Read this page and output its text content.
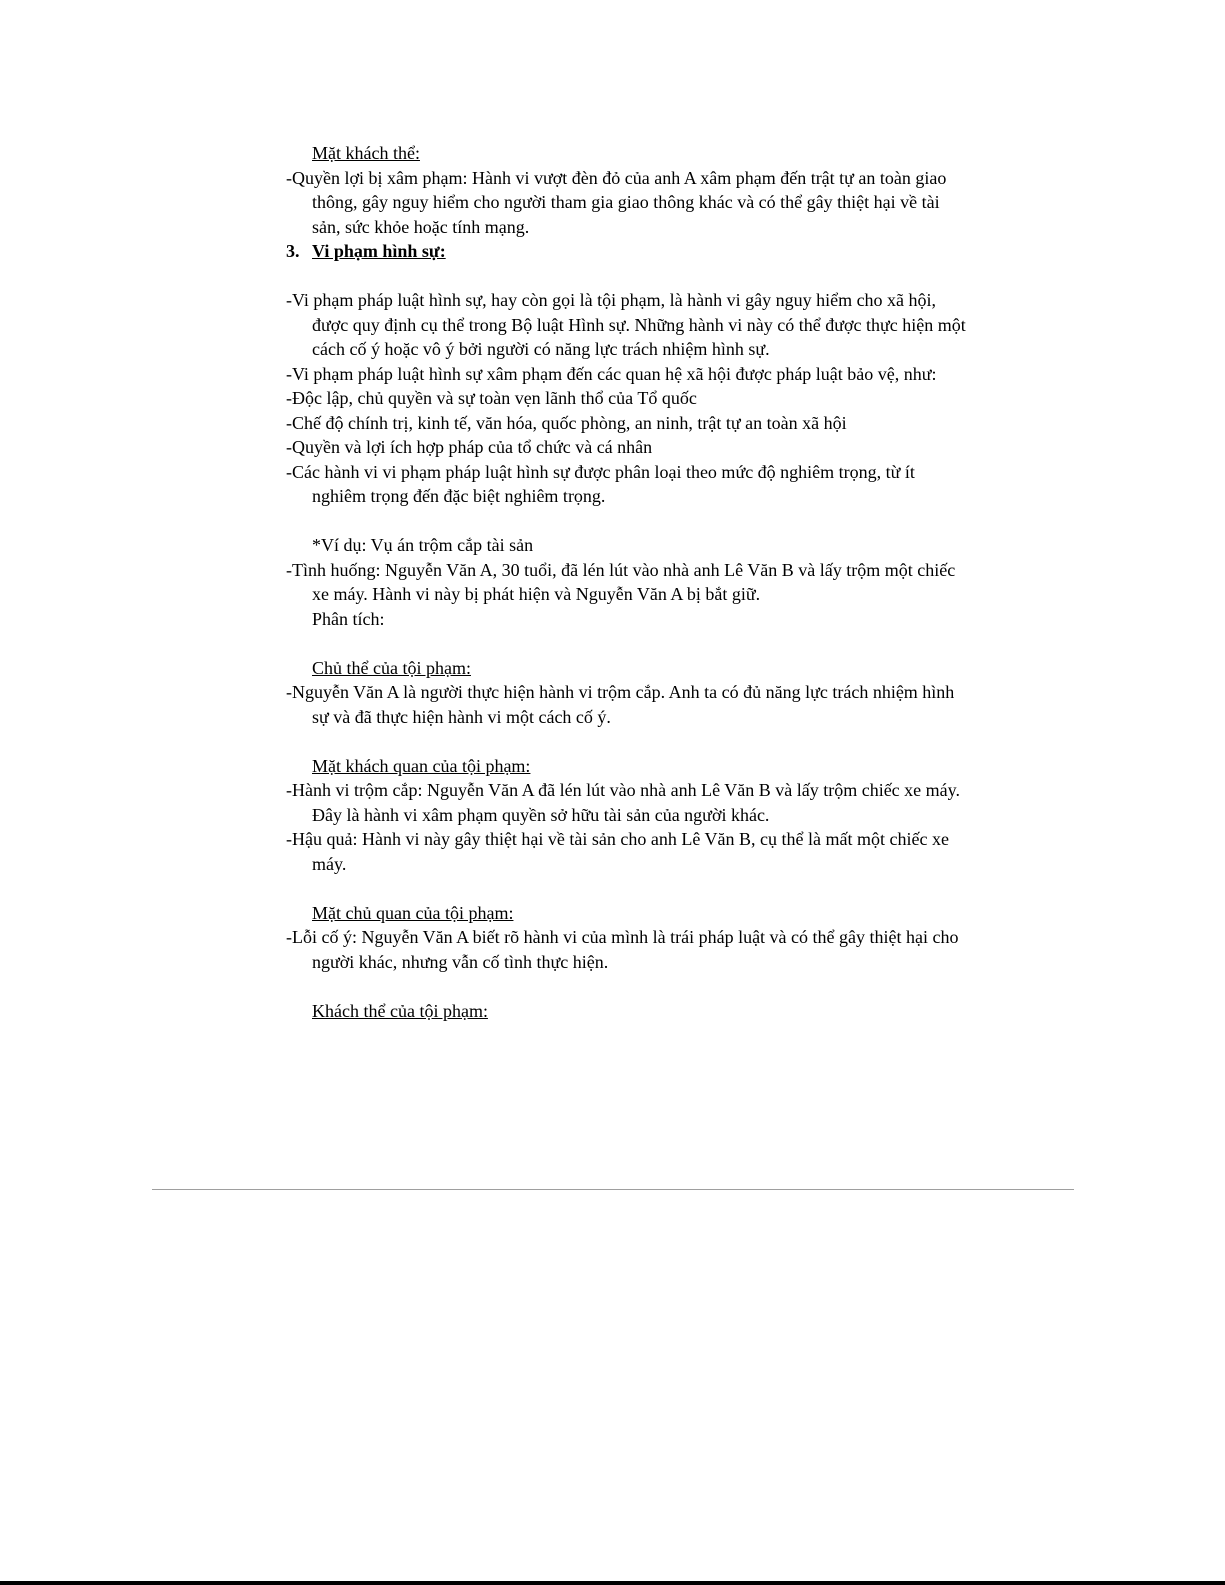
Mặt khách thể:

-Quyền lợi bị xâm phạm: Hành vi vượt đèn đỏ của anh A xâm phạm đến trật tự an toàn giao thông, gây nguy hiểm cho người tham gia giao thông khác và có thể gây thiệt hại về tài sản, sức khỏe hoặc tính mạng.

3. Vi phạm hình sự:

-Vi phạm pháp luật hình sự, hay còn gọi là tội phạm, là hành vi gây nguy hiểm cho xã hội, được quy định cụ thể trong Bộ luật Hình sự. Những hành vi này có thể được thực hiện một cách cố ý hoặc vô ý bởi người có năng lực trách nhiệm hình sự.

-Vi phạm pháp luật hình sự xâm phạm đến các quan hệ xã hội được pháp luật bảo vệ, như:

-Độc lập, chủ quyền và sự toàn vẹn lãnh thổ của Tổ quốc

-Chế độ chính trị, kinh tế, văn hóa, quốc phòng, an ninh, trật tự an toàn xã hội

-Quyền và lợi ích hợp pháp của tổ chức và cá nhân

-Các hành vi vi phạm pháp luật hình sự được phân loại theo mức độ nghiêm trọng, từ ít nghiêm trọng đến đặc biệt nghiêm trọng.

*Ví dụ: Vụ án trộm cắp tài sản

-Tình huống: Nguyễn Văn A, 30 tuổi, đã lén lút vào nhà anh Lê Văn B và lấy trộm một chiếc xe máy. Hành vi này bị phát hiện và Nguyễn Văn A bị bắt giữ.

Phân tích:

Chủ thể của tội phạm:

-Nguyễn Văn A là người thực hiện hành vi trộm cắp. Anh ta có đủ năng lực trách nhiệm hình sự và đã thực hiện hành vi một cách cố ý.

Mặt khách quan của tội phạm:

-Hành vi trộm cắp: Nguyễn Văn A đã lén lút vào nhà anh Lê Văn B và lấy trộm chiếc xe máy. Đây là hành vi xâm phạm quyền sở hữu tài sản của người khác.

-Hậu quả: Hành vi này gây thiệt hại về tài sản cho anh Lê Văn B, cụ thể là mất một chiếc xe máy.

Mặt chủ quan của tội phạm:

-Lỗi cố ý: Nguyễn Văn A biết rõ hành vi của mình là trái pháp luật và có thể gây thiệt hại cho người khác, nhưng vẫn cố tình thực hiện.

Khách thể của tội phạm:
